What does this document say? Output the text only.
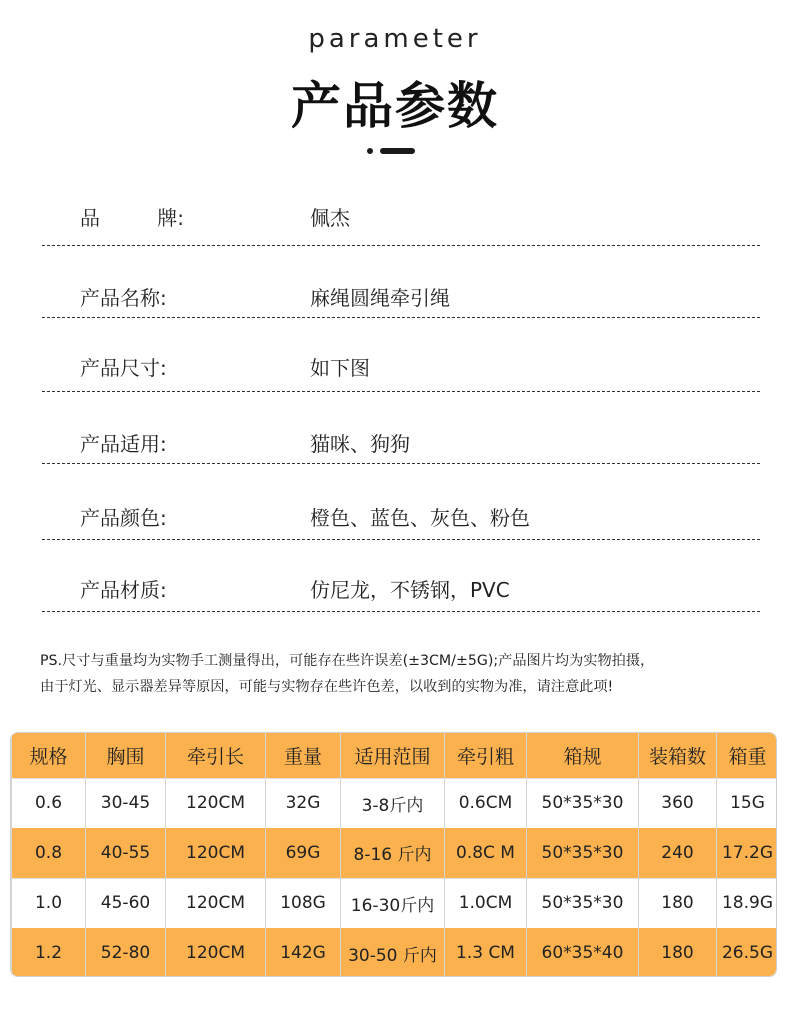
parameter
产品参数
品	牌:	佩杰
产品名称:	麻绳圆绳牵引绳
产品尺寸:	如下图
产品适用:	猫咪、狗狗
产品颜色:	橙色、蓝色、灰色、粉色
产品材质:	仿尼龙，不锈钢，PVC
PS.尺寸与重量均为实物手工测量得出，可能存在些许误差(±3CM/±5G);产品图片均为实物拍摄，
由于灯光、显示器差异等原因，可能与实物存在些许色差，以收到的实物为准，请注意此项!
规格	胸围	牵引长	重量	适用范围	牵引粗	箱规	装箱数	箱重
0.6	30-45	120CM	32G	3-8斤内	0.6CM	50*35*30	360	15G
0.8	40-55	120CM	69G	8-16 斤内	0.8C M	50*35*30	240	17.2G
1.0	45-60	120CM	108G	16-30斤内	1.0CM	50*35*30	180	18.9G
1.2	52-80	120CM	142G	30-50 斤内	1.3 CM	60*35*40	180	26.5G
